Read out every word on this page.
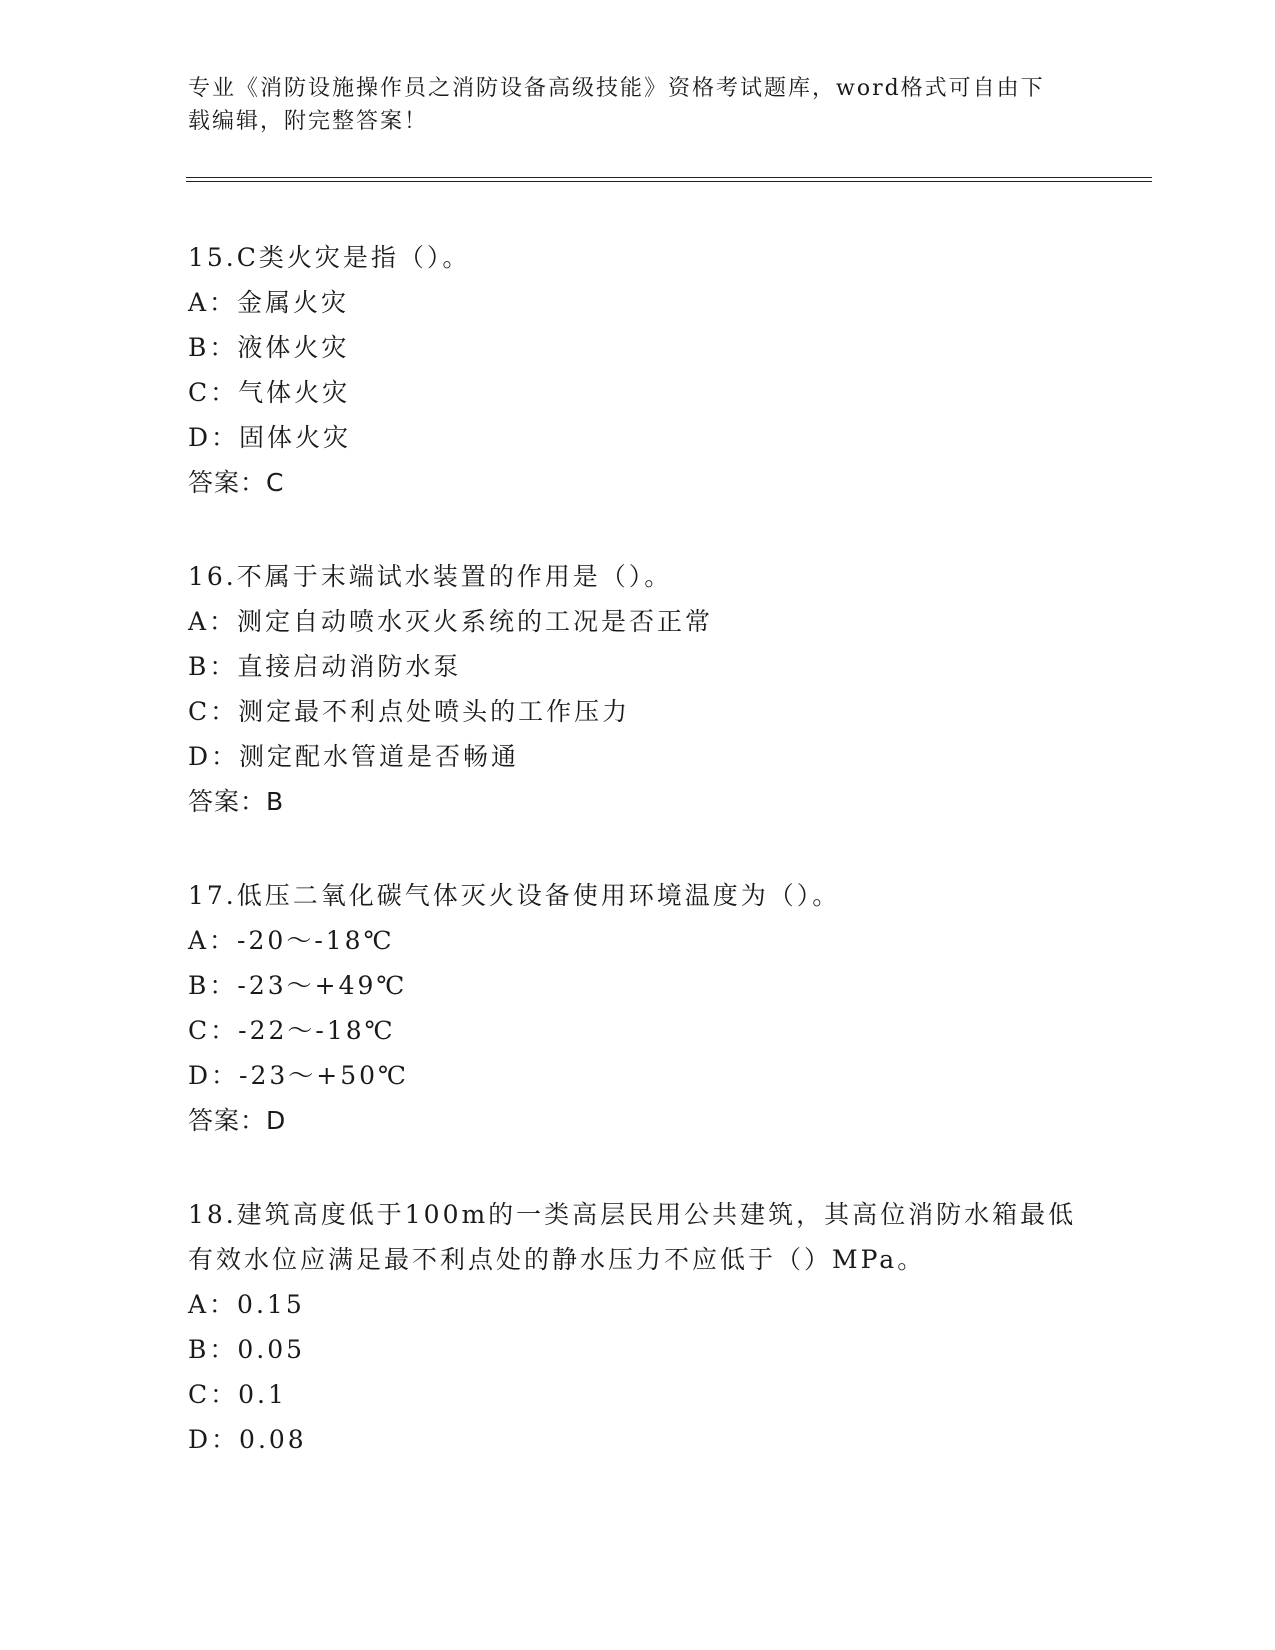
专业《消防设施操作员之消防设备高级技能》资格考试题库，word格式可自由下载编辑，附完整答案！
15.C类火灾是指（）。
A：金属火灾
B：液体火灾
C：气体火灾
D：固体火灾
答案：C
16.不属于末端试水装置的作用是（）。
A：测定自动喷水灭火系统的工况是否正常
B：直接启动消防水泵
C：测定最不利点处喷头的工作压力
D：测定配水管道是否畅通
答案：B
17.低压二氧化碳气体灭火设备使用环境温度为（）。
A：-20～-18℃
B：-23～+49℃
C：-22～-18℃
D：-23～+50℃
答案：D
18.建筑高度低于100m的一类高层民用公共建筑，其高位消防水箱最低有效水位应满足最不利点处的静水压力不应低于（）MPa。
A：0.15
B：0.05
C：0.1
D：0.08
